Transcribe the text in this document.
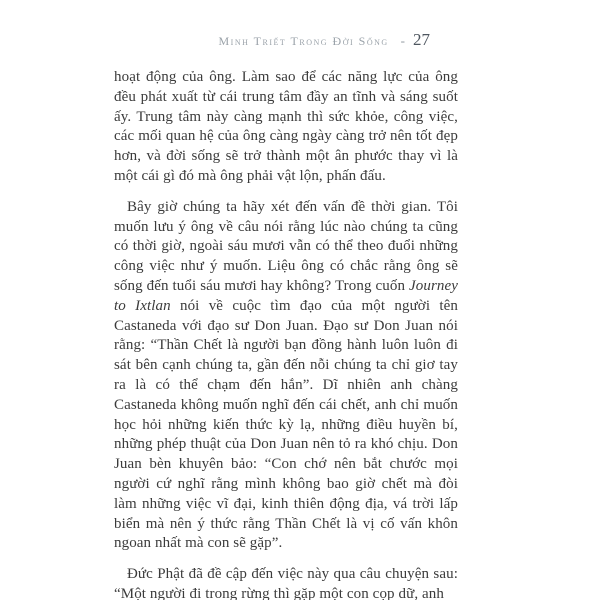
Minh Triết Trong Đời Sống - 27

hoạt động của ông. Làm sao để các năng lực của ông đều phát xuất từ cái trung tâm đầy an tĩnh và sáng suốt ấy. Trung tâm này càng mạnh thì sức khỏe, công việc, các mối quan hệ của ông càng ngày càng trở nên tốt đẹp hơn, và đời sống sẽ trở thành một ân phước thay vì là một cái gì đó mà ông phải vật lộn, phấn đấu.

Bây giờ chúng ta hãy xét đến vấn đề thời gian. Tôi muốn lưu ý ông về câu nói rằng lúc nào chúng ta cũng có thời giờ, ngoài sáu mươi vẫn có thể theo đuổi những công việc như ý muốn. Liệu ông có chắc rằng ông sẽ sống đến tuổi sáu mươi hay không? Trong cuốn Journey to Ixtlan nói về cuộc tìm đạo của một người tên Castaneda với đạo sư Don Juan. Đạo sư Don Juan nói rằng: “Thần Chết là người bạn đồng hành luôn luôn đi sát bên cạnh chúng ta, gần đến nỗi chúng ta chỉ giơ tay ra là có thể chạm đến hắn”. Dĩ nhiên anh chàng Castaneda không muốn nghĩ đến cái chết, anh chỉ muốn học hỏi những kiến thức kỳ lạ, những điều huyền bí, những phép thuật của Don Juan nên tỏ ra khó chịu. Don Juan bèn khuyên bảo: “Con chớ nên bắt chước mọi người cứ nghĩ rằng mình không bao giờ chết mà đòi làm những việc vĩ đại, kinh thiên động địa, vá trời lấp biển mà nên ý thức rằng Thần Chết là vị cố vấn khôn ngoan nhất mà con sẽ gặp”.

Đức Phật đã đề cập đến việc này qua câu chuyện sau: “Một người đi trong rừng thì gặp một con cọp dữ, anh
